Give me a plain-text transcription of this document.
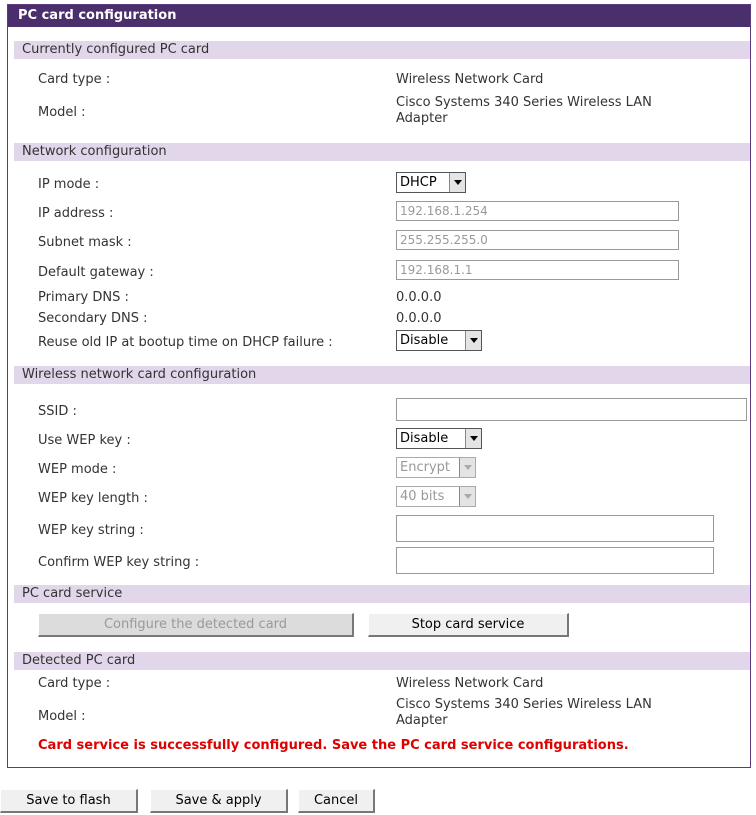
PC card configuration
Currently configured PC card
Card type :	Wireless Network Card
Model :
Cisco Systems 340 Series Wireless LAN
Adapter
Network configuration
IP mode :	DHCP
IP address :	192.168.1.254
Subnet mask :	255.255.255.0
Default gateway :	192.168.1.1
Primary DNS :	0.0.0.0
Secondary DNS :	0.0.0.0
Reuse old IP at bootup time on DHCP failure :	Disable
Wireless network card configuration
SSID :
Use WEP key :	Disable
WEP mode :	Encrypt
WEP key length :	40 bits
WEP key string :
Confirm WEP key string :
PC card service
Configure the detected card	Stop card service
Detected PC card
Card type :	Wireless Network Card
Model :
Cisco Systems 340 Series Wireless LAN
Adapter
Card service is successfully configured. Save the PC card service configurations.
Save to flash	Save & apply	Cancel
